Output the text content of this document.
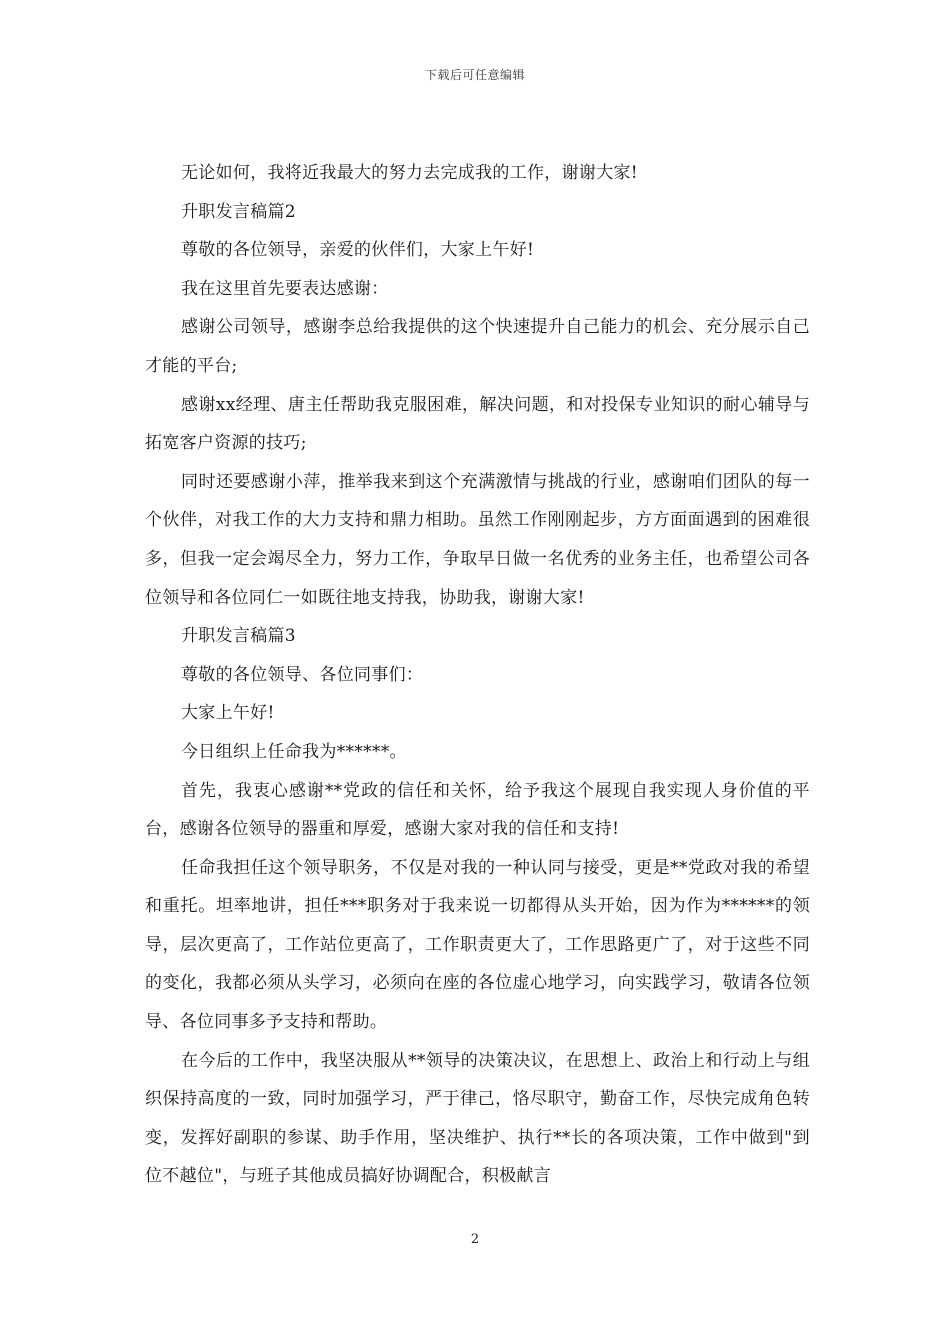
下载后可任意编辑

无论如何，我将近我最大的努力去完成我的工作，谢谢大家!

升职发言稿篇2

尊敬的各位领导，亲爱的伙伴们，大家上午好!

我在这里首先要表达感谢：

感谢公司领导，感谢李总给我提供的这个快速提升自己能力的机会、充分展示自己才能的平台;

感谢xx经理、唐主任帮助我克服困难，解决问题，和对投保专业知识的耐心辅导与拓宽客户资源的技巧;

同时还要感谢小萍，推举我来到这个充满激情与挑战的行业，感谢咱们团队的每一个伙伴，对我工作的大力支持和鼎力相助。虽然工作刚刚起步，方方面面遇到的困难很多，但我一定会竭尽全力，努力工作，争取早日做一名优秀的业务主任，也希望公司各位领导和各位同仁一如既往地支持我，协助我，谢谢大家!

升职发言稿篇3

尊敬的各位领导、各位同事们：

大家上午好!

今日组织上任命我为******。

首先，我衷心感谢**党政的信任和关怀，给予我这个展现自我实现人身价值的平台，感谢各位领导的器重和厚爱，感谢大家对我的信任和支持!

任命我担任这个领导职务，不仅是对我的一种认同与接受，更是**党政对我的希望和重托。坦率地讲，担任***职务对于我来说一切都得从头开始，因为作为******的领导，层次更高了，工作站位更高了，工作职责更大了，工作思路更广了，对于这些不同的变化，我都必须从头学习，必须向在座的各位虚心地学习，向实践学习，敬请各位领导、各位同事多予支持和帮助。

在今后的工作中，我坚决服从**领导的决策决议，在思想上、政治上和行动上与组织保持高度的一致，同时加强学习，严于律己，恪尽职守，勤奋工作，尽快完成角色转变，发挥好副职的参谋、助手作用，坚决维护、执行**长的各项决策，工作中做到"到位不越位"，与班子其他成员搞好协调配合，积极献言

2
